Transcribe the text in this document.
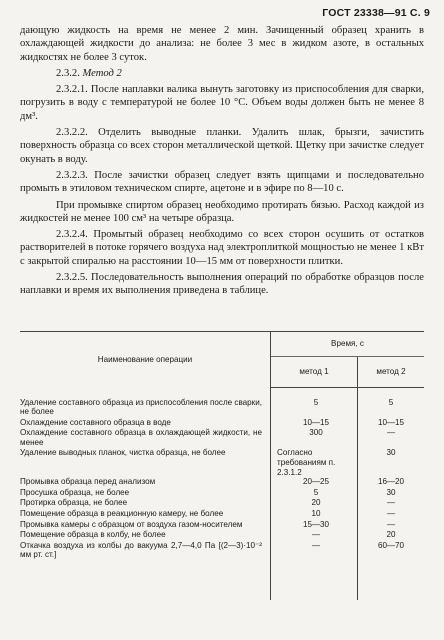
ГОСТ 23338—91 С. 9

дающую жидкость на время не менее 2 мин. Зачищенный образец хранить в охлаждающей жидкости до анализа: не более 3 мес в жидком азоте, в остальных жидкостях не более 3 суток.

2.3.2. Метод 2

2.3.2.1. После наплавки валика вынуть заготовку из приспособления для сварки, погрузить в воду с температурой не более 10 °C. Объем воды должен быть не менее 8 дм³.

2.3.2.2. Отделить выводные планки. Удалить шлак, брызги, зачистить поверхность образца со всех сторон металлической щеткой. Щетку при зачистке следует окунать в воду.

2.3.2.3. После зачистки образец следует взять щипцами и последовательно промыть в этиловом техническом спирте, ацетоне и в эфире по 8—10 с.

При промывке спиртом образец необходимо протирать бязью. Расход каждой из жидкостей не менее 100 см³ на четыре образца.

2.3.2.4. Промытый образец необходимо со всех сторон осушить от остатков растворителей в потоке горячего воздуха над электроплиткой мощностью не менее 1 кВт с закрытой спиралью на расстоянии 10—15 мм от поверхности плитки.

2.3.2.5. Последовательность выполнения операций по обработке образцов после наплавки и время их выполнения приведена в таблице.

Наименование операции	Время, с	
	метод 1	метод 2
Удаление составного образца из приспособления после сварки, не более	5	5
Охлаждение составного образца в воде	10—15	10—15
Охлаждение составного образца в охлаждающей жидкости, не менее	300	—
Удаление выводных планок, чистка образца, не более	Согласно требованиям п. 2.3.1.2	30
Промывка образца перед анализом	20—25	16—20
Просушка образца, не более	5	30
Протирка образца, не более	20	—
Помещение образца в реакционную камеру, не более	10	—
Промывка камеры с образцом от воздуха газом-носителем	15—30	—
Помещение образца в колбу, не более	—	20
Откачка воздуха из колбы до вакуума 2,7—4,0 Па [(2—3)·10⁻² мм рт. ст.]	—	60—70
